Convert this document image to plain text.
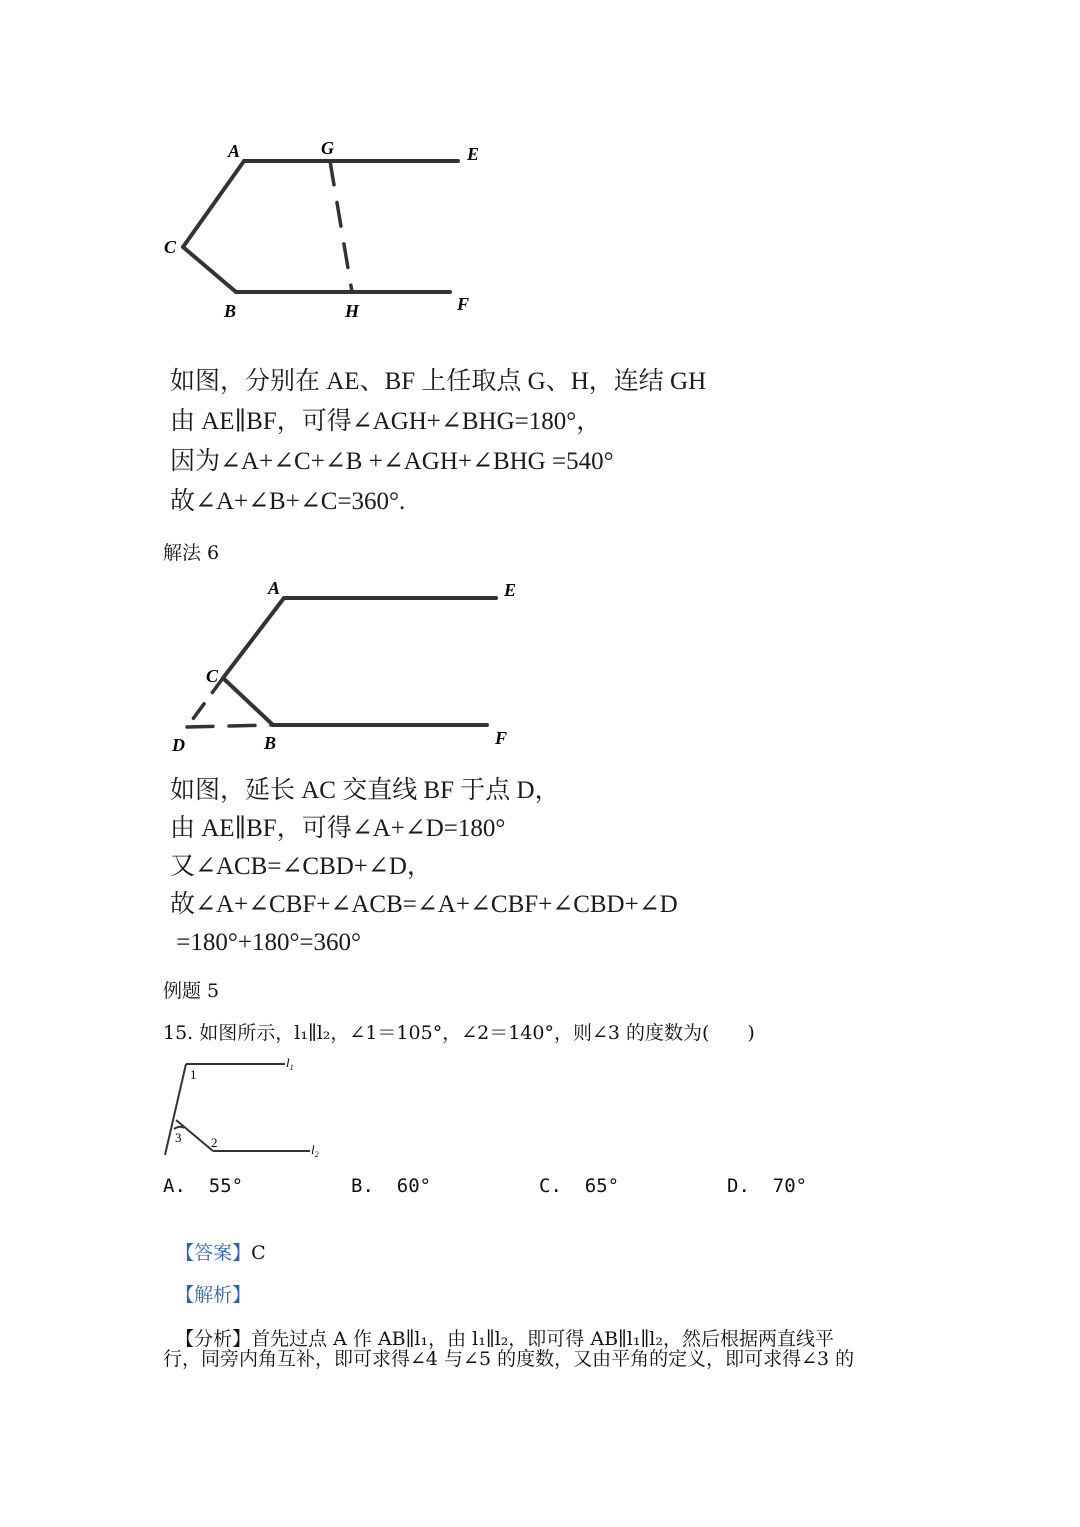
A	G	E
C
B	H	F
如图，分别在 AE、BF 上任取点 G、H，连结 GH
由 AE∥BF，可得∠AGH+∠BHG=180°，
因为∠A+∠C+∠B +∠AGH+∠BHG =540°
故∠A+∠B+∠C=360°.
解法 6
A	E
C
D	B	F
如图，延长 AC 交直线 BF 于点 D，
由 AE∥BF，可得∠A+∠D=180°
又∠ACB=∠CBD+∠D，
故∠A+∠CBF+∠ACB=∠A+∠CBF+∠CBD+∠D
=180°+180°=360°
例题 5
15. 如图所示，l₁∥l₂，∠1＝105°，∠2＝140°，则∠3 的度数为(　　)
$l_1$
$l_2$
1
3 2
A.  55°	B.  60°	C.  65°	D.  70°

【答案】C

【解析】

【分析】首先过点 A 作 AB∥l₁，由 l₁∥l₂，即可得 AB∥l₁∥l₂，然后根据两直线平

行，同旁内角互补，即可求得∠4 与∠5 的度数，又由平角的定义，即可求得∠3 的
